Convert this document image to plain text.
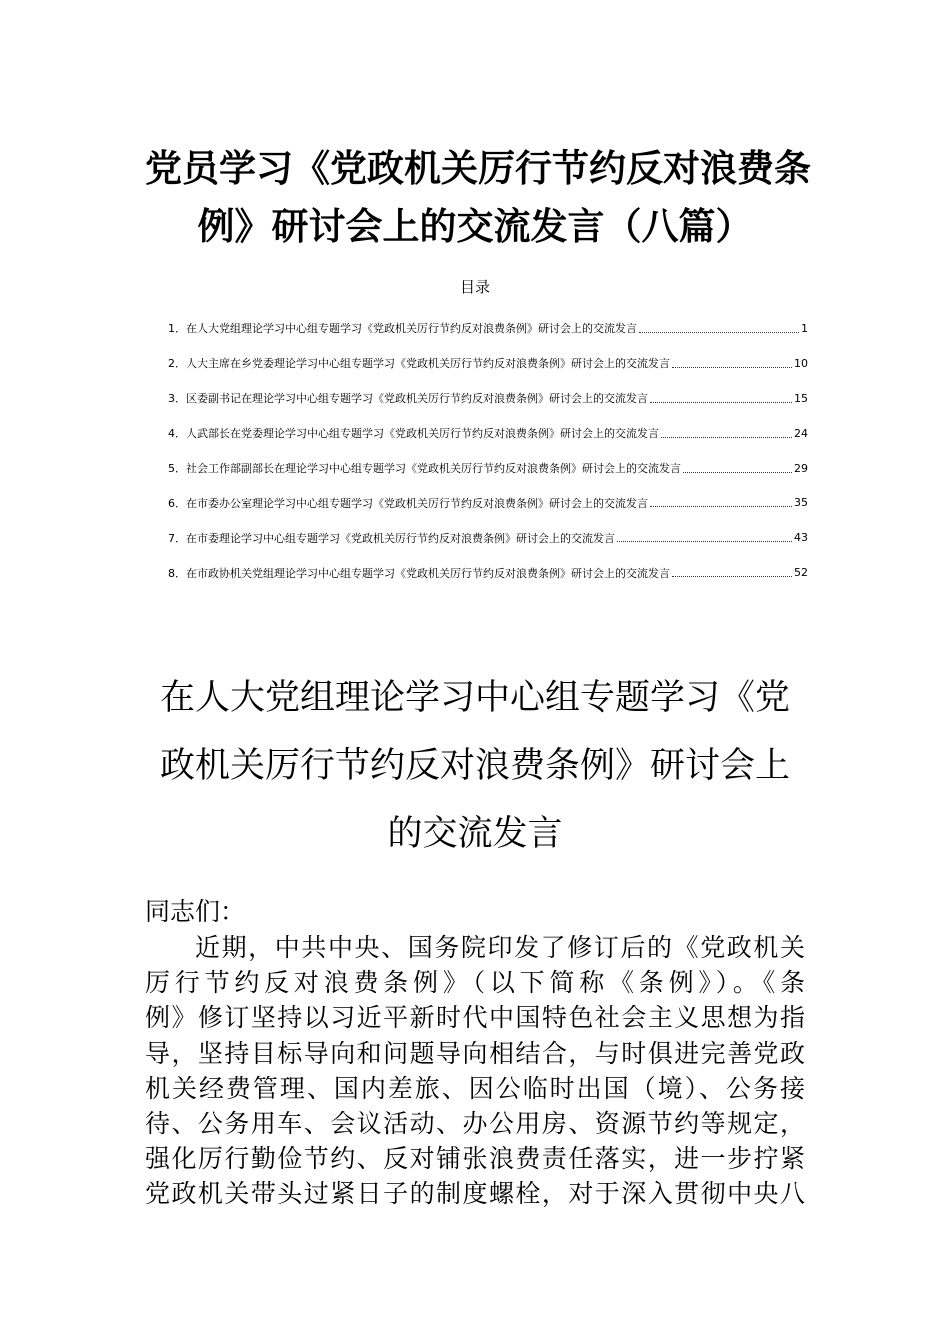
党员学习《党政机关厉行节约反对浪费条
例》研讨会上的交流发言（八篇）
目录
1． 在人大党组理论学习中心组专题学习《党政机关厉行节约反对浪费条例》研讨会上的交流发言	1
2． 人大主席在乡党委理论学习中心组专题学习《党政机关厉行节约反对浪费条例》研讨会上的交流发言	10
3． 区委副书记在理论学习中心组专题学习《党政机关厉行节约反对浪费条例》研讨会上的交流发言	15
4． 人武部长在党委理论学习中心组专题学习《党政机关厉行节约反对浪费条例》研讨会上的交流发言	24
5． 社会工作部副部长在理论学习中心组专题学习《党政机关厉行节约反对浪费条例》研讨会上的交流发言	29
6． 在市委办公室理论学习中心组专题学习《党政机关厉行节约反对浪费条例》研讨会上的交流发言	35
7． 在市委理论学习中心组专题学习《党政机关厉行节约反对浪费条例》研讨会上的交流发言	43
8． 在市政协机关党组理论学习中心组专题学习《党政机关厉行节约反对浪费条例》研讨会上的交流发言	52
在人大党组理论学习中心组专题学习《党
政机关厉行节约反对浪费条例》研讨会上
的交流发言

同志们：

近期，中共中央、国务院印发了修订后的《党政机关
厉行节约反对浪费条例》（以下简称《条例》）。《条
例》修订坚持以习近平新时代中国特色社会主义思想为指
导，坚持目标导向和问题导向相结合，与时俱进完善党政
机关经费管理、国内差旅、因公临时出国（境）、公务接
待、公务用车、会议活动、办公用房、资源节约等规定，
强化厉行勤俭节约、反对铺张浪费责任落实，进一步拧紧
党政机关带头过紧日子的制度螺栓，对于深入贯彻中央八
